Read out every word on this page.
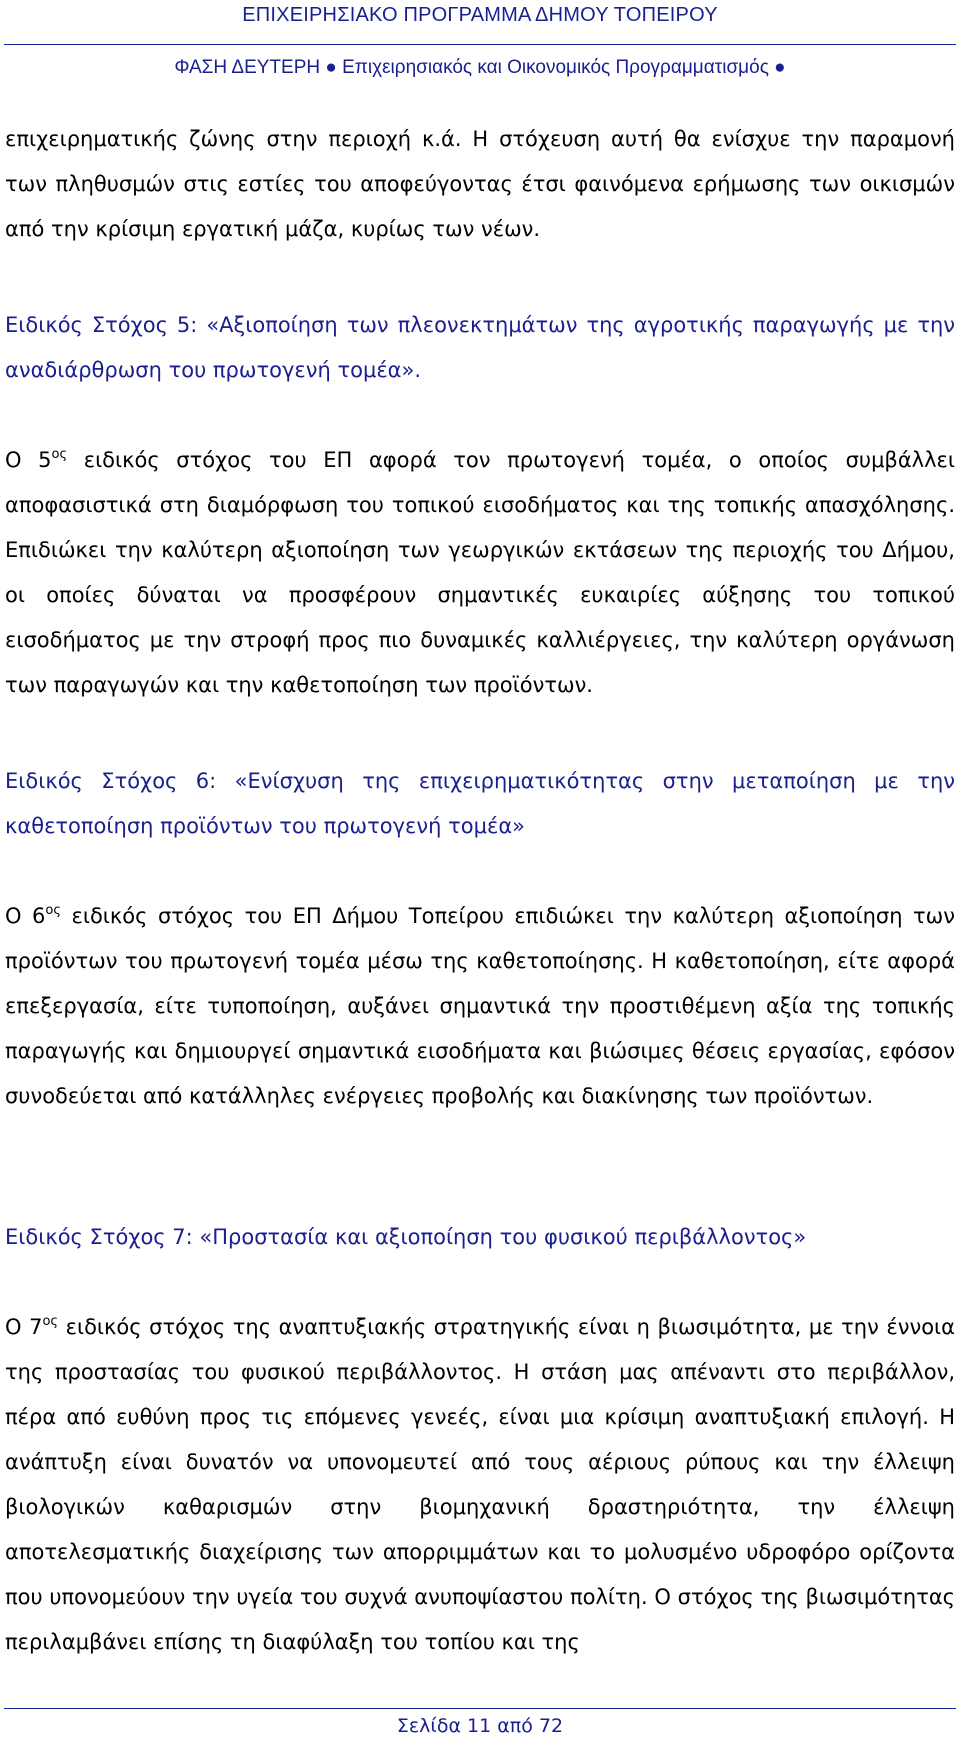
ΕΠΙΧΕΙΡΗΣΙΑΚΟ ΠΡΟΓΡΑΜΜΑ ΔΗΜΟΥ ΤΟΠΕΙΡΟΥ
ΦΑΣΗ ΔΕΥΤΕΡΗ ● Επιχειρησιακός και Οικονομικός Προγραμματισμός ●

επιχειρηματικής ζώνης στην περιοχή κ.ά. Η στόχευση αυτή θα ενίσχυε την παραμονή των πληθυσμών στις εστίες του αποφεύγοντας έτσι φαινόμενα ερήμωσης των οικισμών από την κρίσιμη εργατική μάζα, κυρίως των νέων.

Ειδικός Στόχος 5: «Αξιοποίηση των πλεονεκτημάτων της αγροτικής παραγωγής με την αναδιάρθρωση του πρωτογενή τομέα».

Ο $5^{o\varsigma}$ ειδικός στόχος του ΕΠ αφορά τον πρωτογενή τομέα, ο οποίος συμβάλλει αποφασιστικά στη διαμόρφωση του τοπικού εισοδήματος και της τοπικής απασχόλησης. Επιδιώκει την καλύτερη αξιοποίηση των γεωργικών εκτάσεων της περιοχής του Δήμου, οι οποίες δύναται να προσφέρουν σημαντικές ευκαιρίες αύξησης του τοπικού εισοδήματος με την στροφή προς πιο δυναμικές καλλιέργειες, την καλύτερη οργάνωση των παραγωγών και την καθετοποίηση των προϊόντων.

Ειδικός Στόχος 6: «Ενίσχυση της επιχειρηματικότητας στην μεταποίηση με την καθετοποίηση προϊόντων του πρωτογενή τομέα»

Ο $6^{o\varsigma}$ ειδικός στόχος του ΕΠ Δήμου Τοπείρου επιδιώκει την καλύτερη αξιοποίηση των προϊόντων του πρωτογενή τομέα μέσω της καθετοποίησης. Η καθετοποίηση, είτε αφορά επεξεργασία, είτε τυποποίηση, αυξάνει σημαντικά την προστιθέμενη αξία της τοπικής παραγωγής και δημιουργεί σημαντικά εισοδήματα και βιώσιμες θέσεις εργασίας, εφόσον συνοδεύεται από κατάλληλες ενέργειες προβολής και διακίνησης των προϊόντων.

Ειδικός Στόχος 7: «Προστασία και αξιοποίηση του φυσικού περιβάλλοντος»

Ο $7^{o\varsigma}$ ειδικός στόχος της αναπτυξιακής στρατηγικής είναι η βιωσιμότητα, με την έννοια της προστασίας του φυσικού περιβάλλοντος. Η στάση μας απέναντι στο περιβάλλον, πέρα από ευθύνη προς τις επόμενες γενεές, είναι μια κρίσιμη αναπτυξιακή επιλογή. Η ανάπτυξη είναι δυνατόν να υπονομευτεί από τους αέριους ρύπους και την έλλειψη βιολογικών καθαρισμών στην βιομηχανική δραστηριότητα, την έλλειψη αποτελεσματικής διαχείρισης των απορριμμάτων και το μολυσμένο υδροφόρο ορίζοντα που υπονομεύουν την υγεία του συχνά ανυποψίαστου πολίτη. Ο στόχος της βιωσιμότητας περιλαμβάνει επίσης τη διαφύλαξη του τοπίου και της

Σελίδα 11 από 72
